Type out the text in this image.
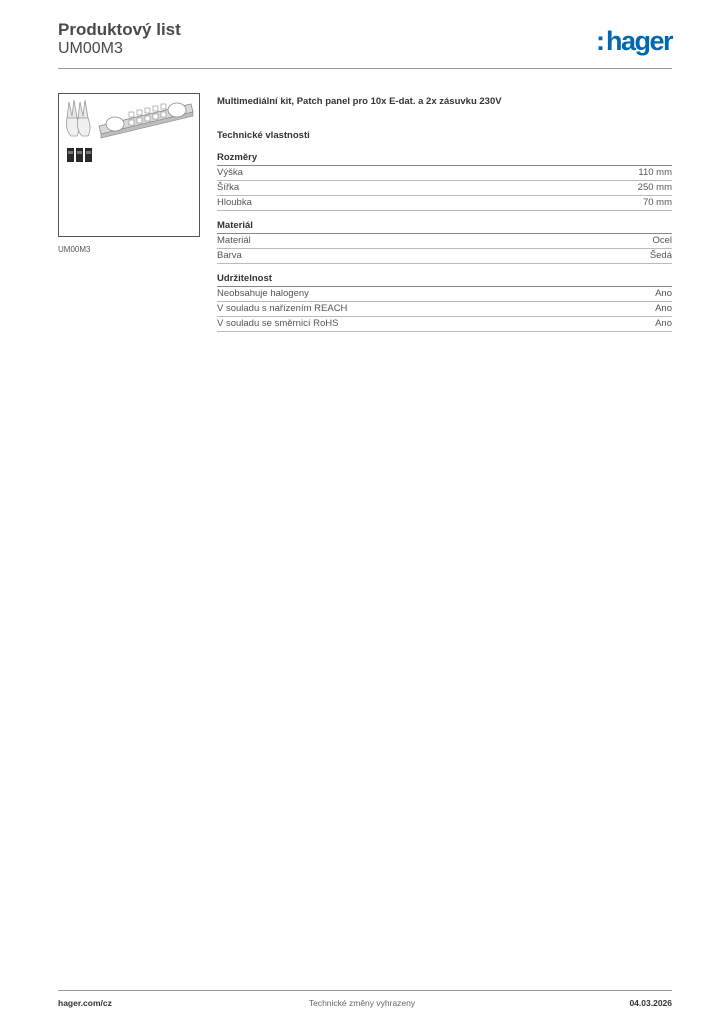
Produktový list
UM00M3	:hager
UM00M3
Multimediální kit, Patch panel pro 10x E-dat. a 2x zásuvku 230V
Technické vlastnosti
Rozměry
Výška	110 mm
Šířka	250 mm
Hloubka	70 mm
Materiál
Materiál	Ocel
Barva	Šedá
Udržitelnost
Neobsahuje halogeny	Ano
V souladu s nařízením REACH	Ano
V souladu se směrnicí RoHS	Ano
hager.com/cz	Technické změny vyhrazeny	04.03.2026
